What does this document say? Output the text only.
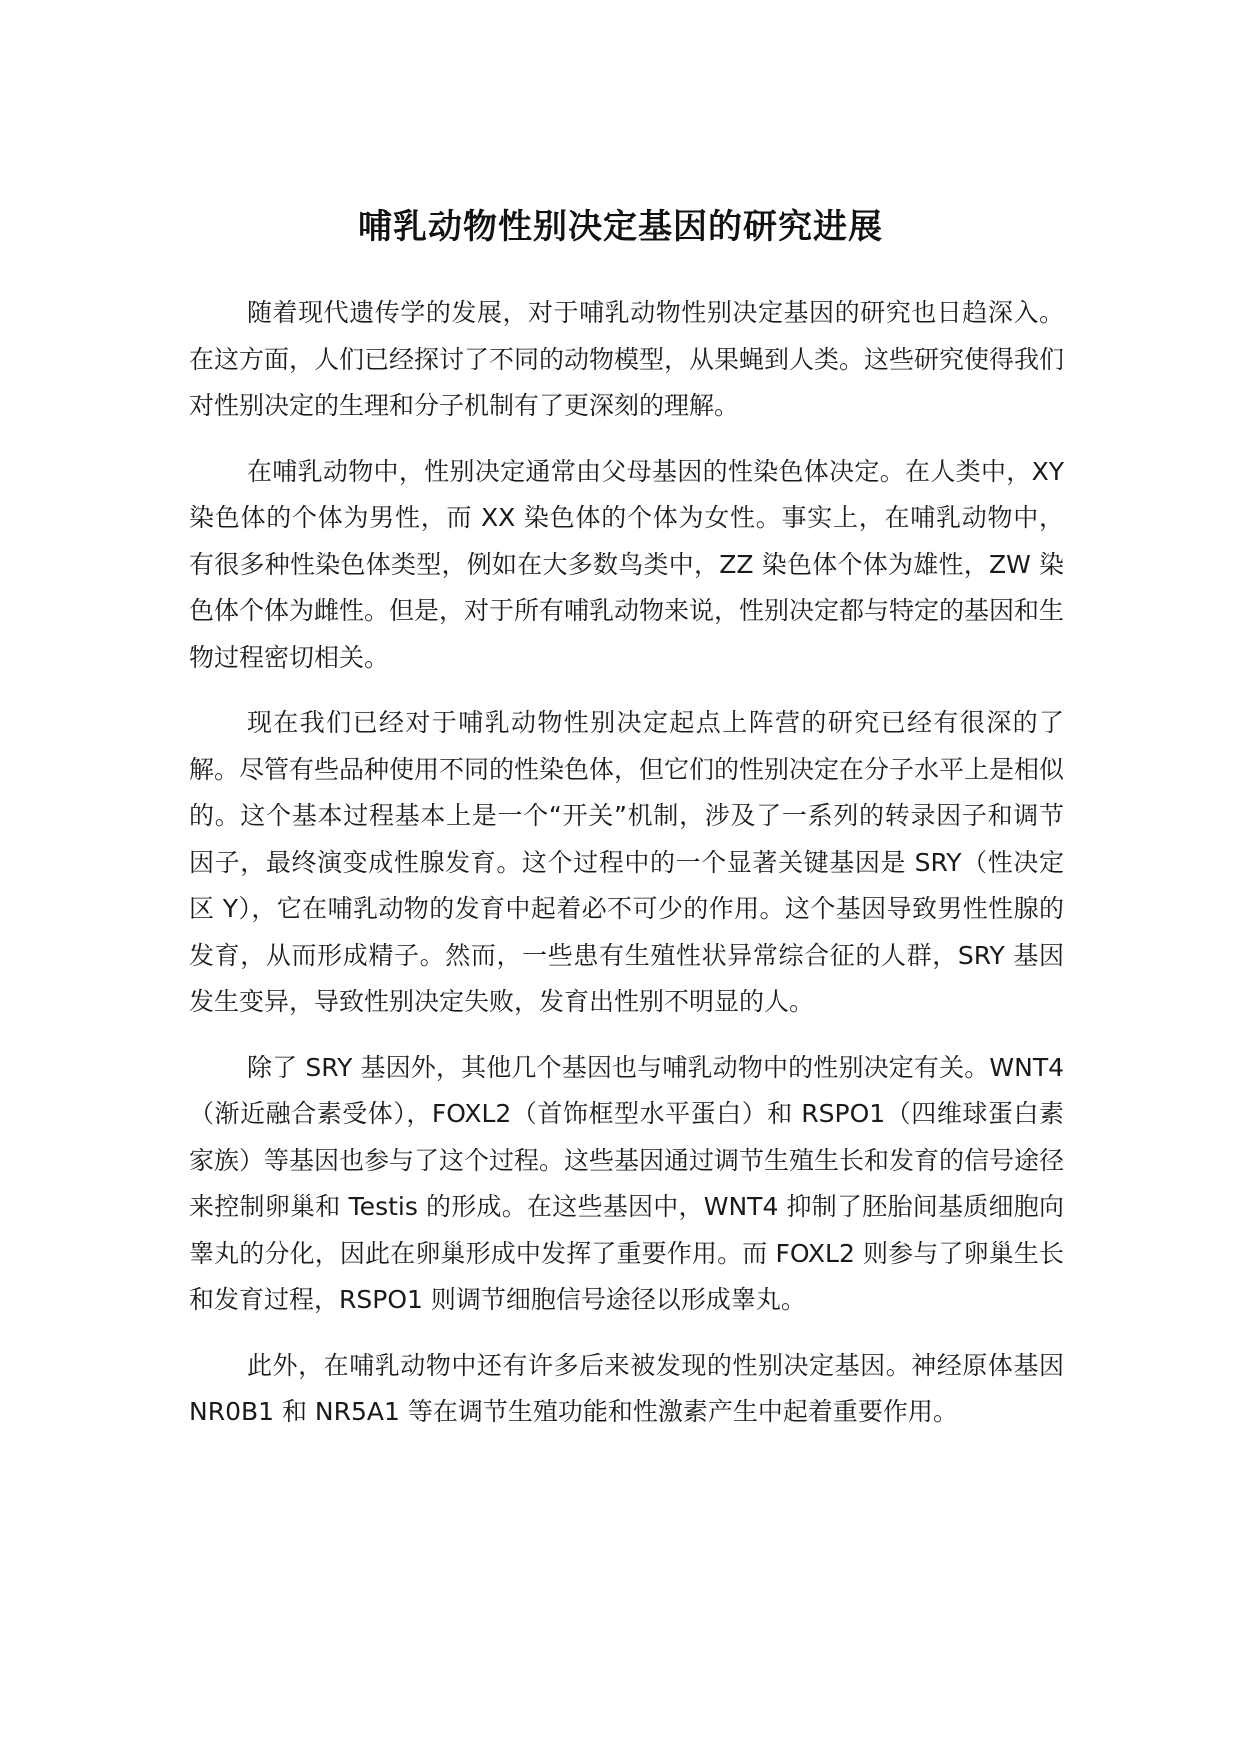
哺乳动物性别决定基因的研究进展

随着现代遗传学的发展，对于哺乳动物性别决定基因的研究也日趋深入。在这方面，人们已经探讨了不同的动物模型，从果蝇到人类。这些研究使得我们对性别决定的生理和分子机制有了更深刻的理解。

在哺乳动物中，性别决定通常由父母基因的性染色体决定。在人类中，XY 染色体的个体为男性，而 XX 染色体的个体为女性。事实上，在哺乳动物中，有很多种性染色体类型，例如在大多数鸟类中，ZZ 染色体个体为雄性，ZW 染色体个体为雌性。但是，对于所有哺乳动物来说，性别决定都与特定的基因和生物过程密切相关。

现在我们已经对于哺乳动物性别决定起点上阵营的研究已经有很深的了解。尽管有些品种使用不同的性染色体，但它们的性别决定在分子水平上是相似的。这个基本过程基本上是一个“开关”机制，涉及了一系列的转录因子和调节因子，最终演变成性腺发育。这个过程中的一个显著关键基因是 SRY（性决定区 Y），它在哺乳动物的发育中起着必不可少的作用。这个基因导致男性性腺的发育，从而形成精子。然而，一些患有生殖性状异常综合征的人群，SRY 基因发生变异，导致性别决定失败，发育出性别不明显的人。

除了 SRY 基因外，其他几个基因也与哺乳动物中的性别决定有关。WNT4（渐近融合素受体），FOXL2（首饰框型水平蛋白）和 RSPO1（四维球蛋白素家族）等基因也参与了这个过程。这些基因通过调节生殖生长和发育的信号途径来控制卵巢和 Testis 的形成。在这些基因中，WNT4 抑制了胚胎间基质细胞向睾丸的分化，因此在卵巢形成中发挥了重要作用。而 FOXL2 则参与了卵巢生长和发育过程，RSPO1 则调节细胞信号途径以形成睾丸。

此外，在哺乳动物中还有许多后来被发现的性别决定基因。神经原体基因 NR0B1 和 NR5A1 等在调节生殖功能和性激素产生中起着重要作用。
